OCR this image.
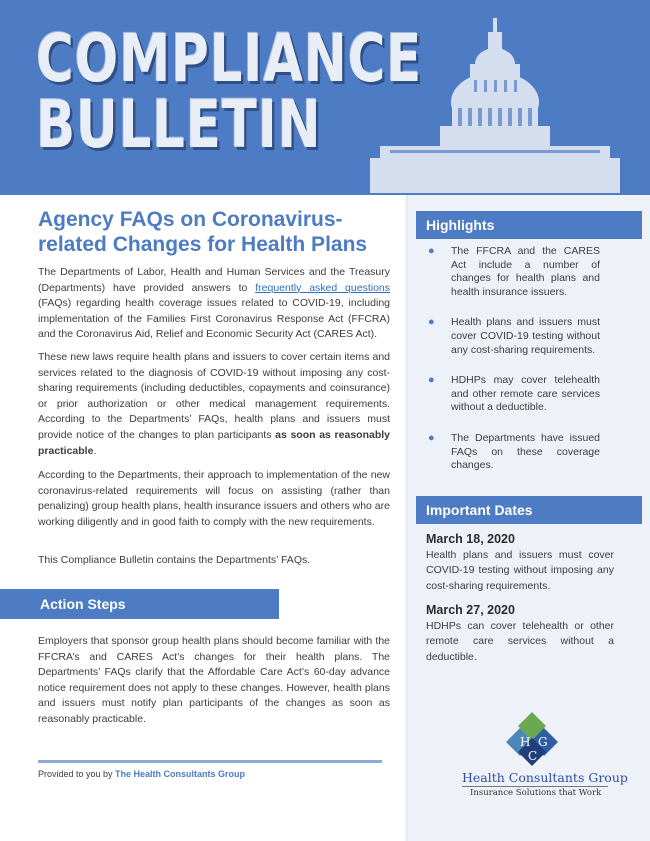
COMPLIANCE
BULLETIN
Agency FAQs on Coronavirus-
related Changes for Health Plans

The Departments of Labor, Health and Human Services and the Treasury (Departments) have provided answers to frequently asked questions (FAQs) regarding health coverage issues related to COVID-19, including implementation of the Families First Coronavirus Response Act (FFCRA) and the Coronavirus Aid, Relief and Economic Security Act (CARES Act).

These new laws require health plans and issuers to cover certain items and services related to the diagnosis of COVID-19 without imposing any cost-sharing requirements (including deductibles, copayments and coinsurance) or prior authorization or other medical management requirements. According to the Departments’ FAQs, health plans and issuers must provide notice of the changes to plan participants as soon as reasonably practicable.

According to the Departments, their approach to implementation of the new coronavirus-related requirements will focus on assisting (rather than penalizing) group health plans, health insurance issuers and others who are working diligently and in good faith to comply with the new requirements.

This Compliance Bulletin contains the Departments’ FAQs.

Action Steps

Employers that sponsor group health plans should become familiar with the FFCRA’s and CARES Act’s changes for their health plans. The Departments’ FAQs clarify that the Affordable Care Act’s 60-day advance notice requirement does not apply to these changes. However, health plans and issuers must notify plan participants of the changes as soon as reasonably practicable.

Provided to you by The Health Consultants Group
Highlights
● The FFCRA and the CARES Act include a number of changes for health plans and health insurance issuers.
● Health plans and issuers must cover COVID-19 testing without any cost-sharing requirements.
● HDHPs may cover telehealth and other remote care services without a deductible.
● The Departments have issued FAQs on these coverage changes.
Important Dates
March 18, 2020
Health plans and issuers must cover COVID-19 testing without imposing any cost-sharing requirements.
March 27, 2020
HDHPs can cover telehealth or other remote care services without a deductible.
H
C
G
Health Consultants Group
Insurance Solutions that Work
